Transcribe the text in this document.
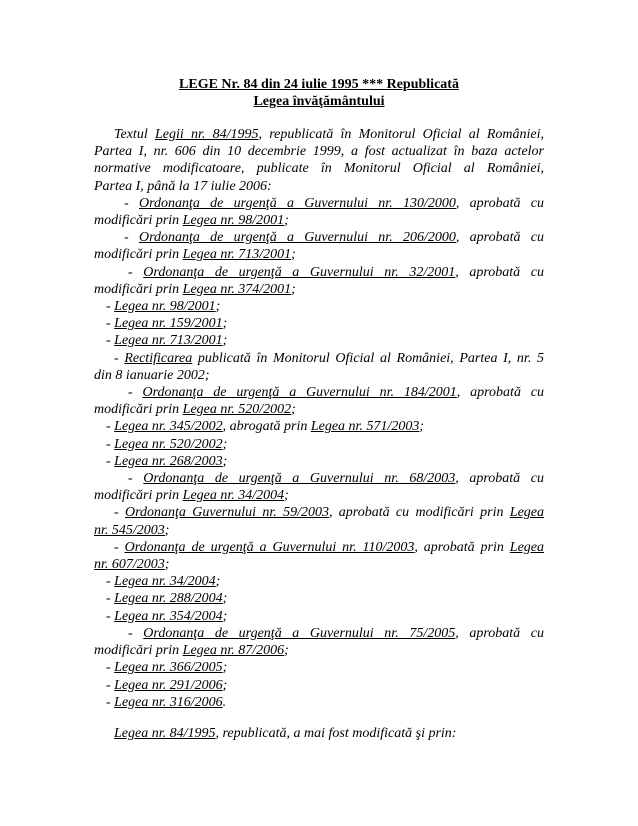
LEGE Nr. 84 din 24 iulie 1995 *** Republicată
Legea învăţământului
Textul Legii nr. 84/1995, republicată în Monitorul Oficial al României,
Partea I, nr. 606 din 10 decembrie 1999, a fost actualizat în baza actelor
normative modificatoare, publicate în Monitorul Oficial al României,
Partea I, până la 17 iulie 2006:
- Ordonanţa de urgenţă a Guvernului nr. 130/2000, aprobată cu
modificări prin Legea nr. 98/2001;
- Ordonanţa de urgenţă a Guvernului nr. 206/2000, aprobată cu
modificări prin Legea nr. 713/2001;
- Ordonanţa de urgenţă a Guvernului nr. 32/2001, aprobată cu
modificări prin Legea nr. 374/2001;
- Legea nr. 98/2001;
- Legea nr. 159/2001;
- Legea nr. 713/2001;
- Rectificarea publicată în Monitorul Oficial al României, Partea I, nr. 5
din 8 ianuarie 2002;
- Ordonanţa de urgenţă a Guvernului nr. 184/2001, aprobată cu
modificări prin Legea nr. 520/2002;
- Legea nr. 345/2002, abrogată prin Legea nr. 571/2003;
- Legea nr. 520/2002;
- Legea nr. 268/2003;
- Ordonanţa de urgenţă a Guvernului nr. 68/2003, aprobată cu
modificări prin Legea nr. 34/2004;
- Ordonanţa Guvernului nr. 59/2003, aprobată cu modificări prin Legea
nr. 545/2003;
- Ordonanţa de urgenţă a Guvernului nr. 110/2003, aprobată prin Legea
nr. 607/2003;
- Legea nr. 34/2004;
- Legea nr. 288/2004;
- Legea nr. 354/2004;
- Ordonanţa de urgenţă a Guvernului nr. 75/2005, aprobată cu
modificări prin Legea nr. 87/2006;
- Legea nr. 366/2005;
- Legea nr. 291/2006;
- Legea nr. 316/2006.
Legea nr. 84/1995, republicată, a mai fost modificată şi prin:
